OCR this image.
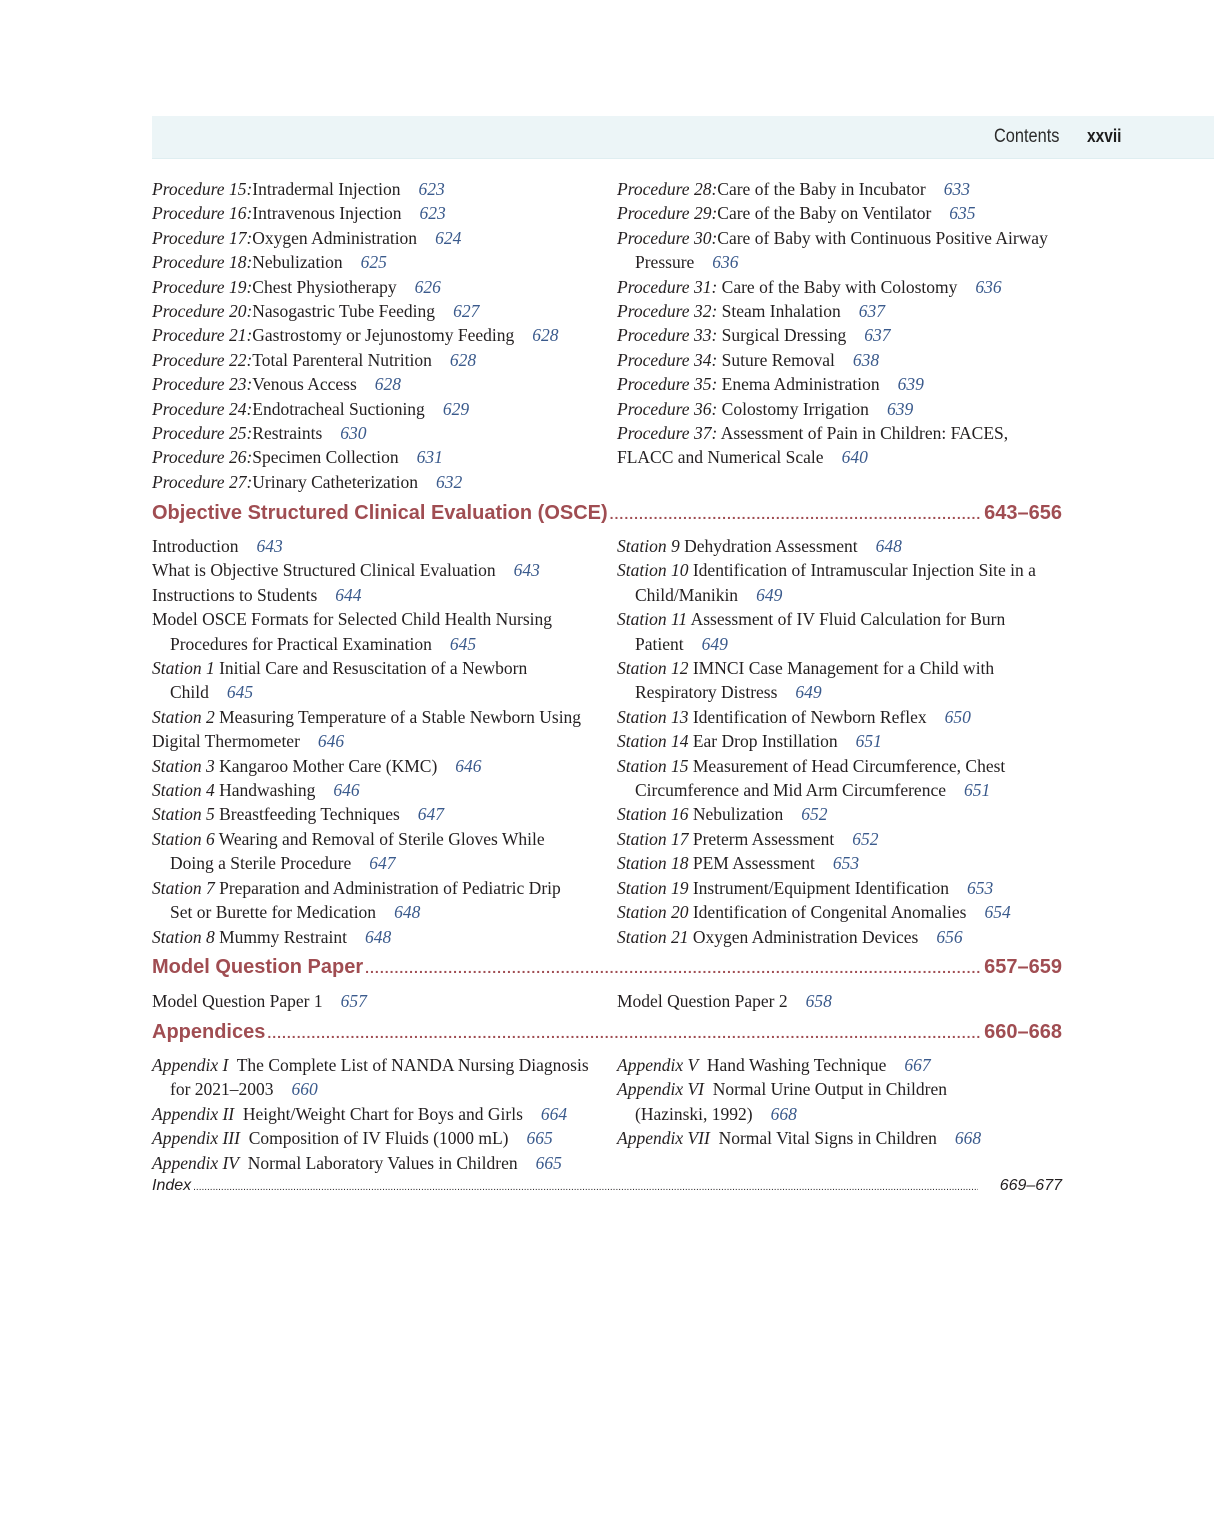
Contents xxvii
Procedure 15:Intradermal Injection 623
Procedure 16:Intravenous Injection 623
Procedure 17:Oxygen Administration 624
Procedure 18:Nebulization 625
Procedure 19:Chest Physiotherapy 626
Procedure 20:Nasogastric Tube Feeding 627
Procedure 21:Gastrostomy or Jejunostomy Feeding 628
Procedure 22:Total Parenteral Nutrition 628
Procedure 23:Venous Access 628
Procedure 24:Endotracheal Suctioning 629
Procedure 25:Restraints 630
Procedure 26:Specimen Collection 631
Procedure 27:Urinary Catheterization 632
Procedure 28:Care of the Baby in Incubator 633
Procedure 29:Care of the Baby on Ventilator 635
Procedure 30:Care of Baby with Continuous Positive Airway
Pressure 636
Procedure 31: Care of the Baby with Colostomy 636
Procedure 32: Steam Inhalation 637
Procedure 33: Surgical Dressing 637
Procedure 34: Suture Removal 638
Procedure 35: Enema Administration 639
Procedure 36: Colostomy Irrigation 639
Procedure 37: Assessment of Pain in Children: FACES,
FLACC and Numerical Scale 640
Objective Structured Clinical Evaluation (OSCE) .....	643–656
Introduction 643
What is Objective Structured Clinical Evaluation 643
Instructions to Students 644
Model OSCE Formats for Selected Child Health Nursing
Procedures for Practical Examination 645
Station 1 Initial Care and Resuscitation of a Newborn
Child 645
Station 2 Measuring Temperature of a Stable Newborn Using
Digital Thermometer 646
Station 3 Kangaroo Mother Care (KMC) 646
Station 4 Handwashing 646
Station 5 Breastfeeding Techniques 647
Station 6 Wearing and Removal of Sterile Gloves While
Doing a Sterile Procedure 647
Station 7 Preparation and Administration of Pediatric Drip
Set or Burette for Medication 648
Station 8 Mummy Restraint 648
Station 9 Dehydration Assessment 648
Station 10 Identification of Intramuscular Injection Site in a
Child/Manikin 649
Station 11 Assessment of IV Fluid Calculation for Burn
Patient 649
Station 12 IMNCI Case Management for a Child with
Respiratory Distress 649
Station 13 Identification of Newborn Reflex 650
Station 14 Ear Drop Instillation 651
Station 15 Measurement of Head Circumference, Chest
Circumference and Mid Arm Circumference 651
Station 16 Nebulization 652
Station 17 Preterm Assessment 652
Station 18 PEM Assessment 653
Station 19 Instrument/Equipment Identification 653
Station 20 Identification of Congenital Anomalies 654
Station 21 Oxygen Administration Devices 656
Model Question Paper .....	657–659
Model Question Paper 1 657	Model Question Paper 2 658
Appendices .....	660–668
Appendix I  The Complete List of NANDA Nursing Diagnosis
for 2021–2003 660
Appendix II  Height/Weight Chart for Boys and Girls 664
Appendix III  Composition of IV Fluids (1000 mL) 665
Appendix IV  Normal Laboratory Values in Children 665
Appendix V  Hand Washing Technique 667
Appendix VI  Normal Urine Output in Children
(Hazinski, 1992) 668
Appendix VII  Normal Vital Signs in Children 668
Index .....	669–677
